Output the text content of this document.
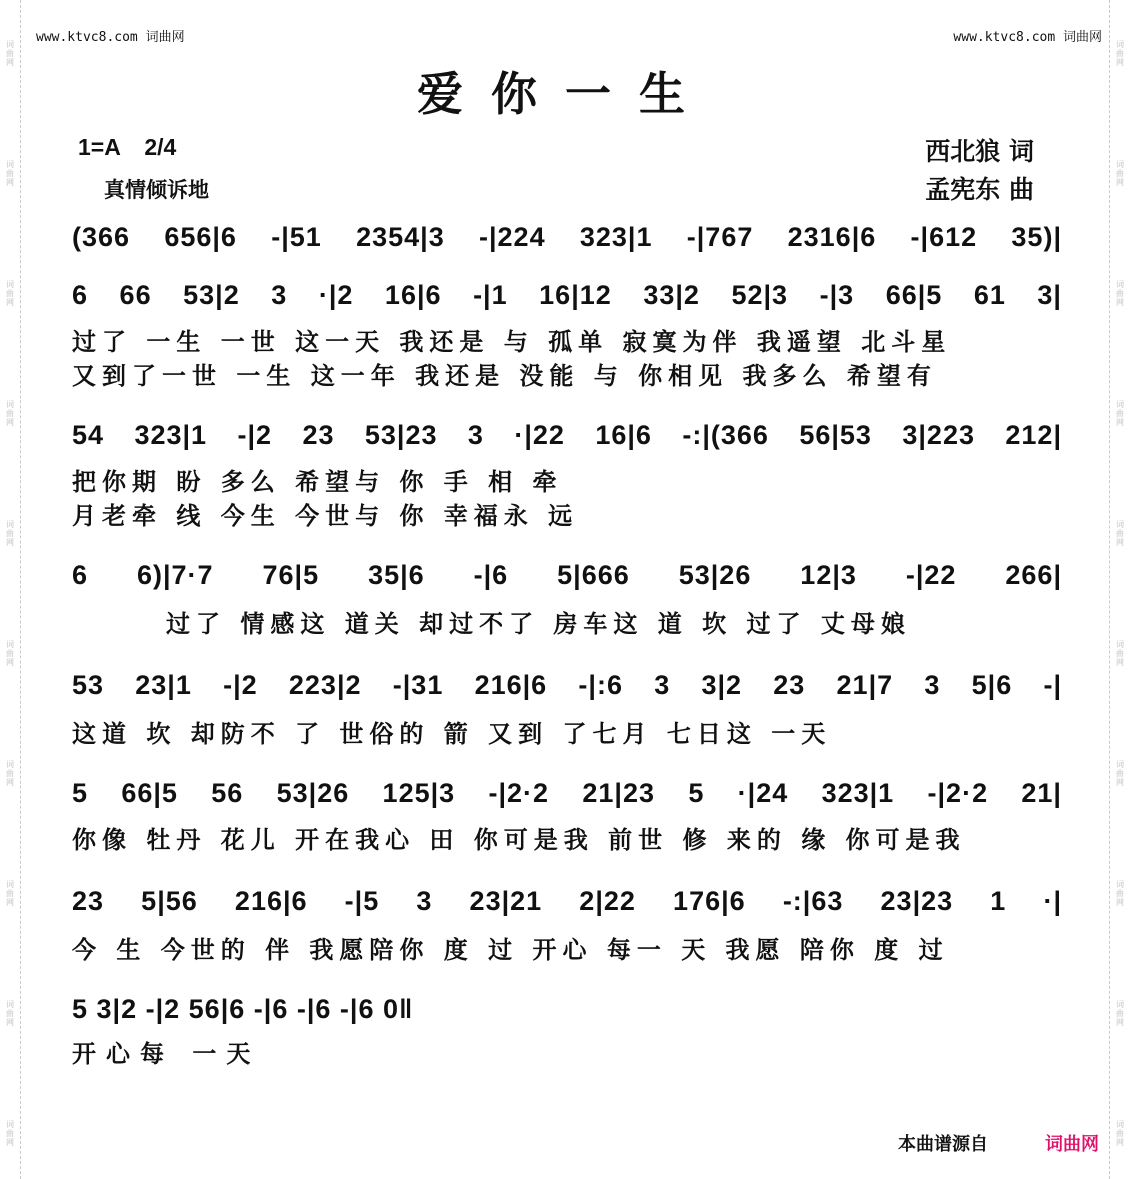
词曲网
词曲网
词曲网
词曲网
词曲网
词曲网
词曲网
词曲网
词曲网
词曲网
词曲网
词曲网
词曲网
词曲网
词曲网
词曲网
词曲网
词曲网
词曲网
词曲网
www.ktvc8.com 词曲网	www.ktvc8.com 词曲网
爱你一生
1=A 2/4
真情倾诉地
西北狼 词
孟宪东 曲
(366 656|6 -|51 2354|3 -|224 323|1 -|767 2316|6 -|612 35)|
6 66 53|2 3 ·|2 16|6 -|1 16|12 33|2 52|3 -|3 66|5 61 3|
过了 一生 一世 这一天 我还是 与 孤单 寂寞为伴 我遥望 北斗星
又到了一世 一生 这一年 我还是 没能 与 你相见 我多么 希望有
54 323|1 -|2 23 53|23 3 ·|22 16|6 -:|(366 56|53 3|223 212|
把你期 盼 多么 希望与 你 手 相 牵
月老牵 线 今生 今世与 你 幸福永 远
6 6)|7·7 76|5 35|6 -|6 5|666 53|26 12|3 -|22 266|
过了 情感这 道关 却过不了 房车这 道 坎 过了 丈母娘
53 23|1 -|2 223|2 -|31 216|6 -|:6 3 3|2 23 21|7 3 5|6 -|
这道 坎 却防不 了 世俗的 箭 又到 了七月 七日这 一天
5 66|5 56 53|26 125|3 -|2·2 21|23 5 ·|24 323|1 -|2·2 21|
你像 牡丹 花儿 开在我心 田 你可是我 前世 修 来的 缘 你可是我
23 5|56 216|6 -|5 3 23|21 2|22 176|6 -:|63 23|23 1 ·|
今 生 今世的 伴 我愿陪你 度 过 开心 每一 天 我愿 陪你 度 过
5 3|2 -|2 56|6 -|6 -|6 -|6 0‖
开心每 一天
本曲谱源自	词曲网
